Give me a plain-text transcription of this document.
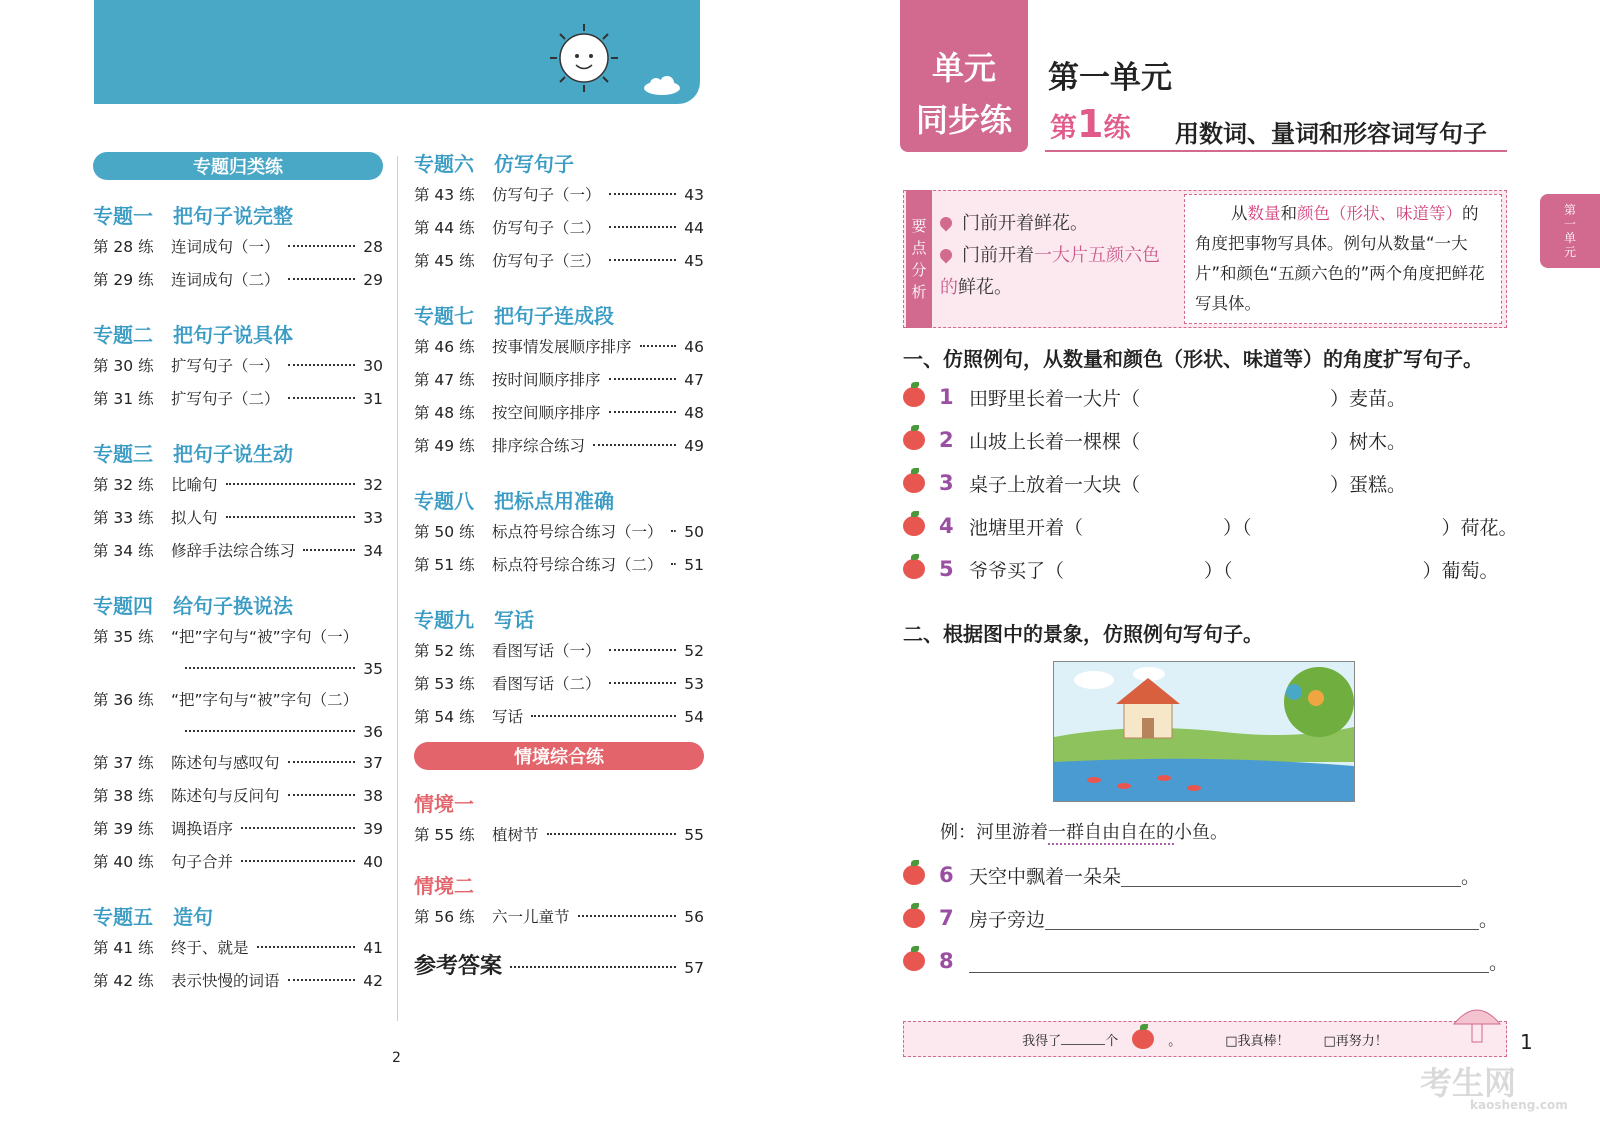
专题归类练
专题一　把句子说完整
第 28 练	连词成句（一）	28
第 29 练	连词成句（二）	29
专题二　把句子说具体
第 30 练	扩写句子（一）	30
第 31 练	扩写句子（二）	31
专题三　把句子说生动
第 32 练	比喻句	32
第 33 练	拟人句	33
第 34 练	修辞手法综合练习	34
专题四　给句子换说法
第 35 练	“把”字句与“被”字句（一）
35
第 36 练	“把”字句与“被”字句（二）
36
第 37 练	陈述句与感叹句	37
第 38 练	陈述句与反问句	38
第 39 练	调换语序	39
第 40 练	句子合并	40
专题五　造句
第 41 练	终于、就是	41
第 42 练	表示快慢的词语	42
专题六　仿写句子
第 43 练	仿写句子（一）	43
第 44 练	仿写句子（二）	44
第 45 练	仿写句子（三）	45
专题七　把句子连成段
第 46 练	按事情发展顺序排序	46
第 47 练	按时间顺序排序	47
第 48 练	按空间顺序排序	48
第 49 练	排序综合练习	49
专题八　把标点用准确
第 50 练	标点符号综合练习（一） 50
第 51 练	标点符号综合练习（二） 51
专题九　写话
第 52 练	看图写话（一）	52
第 53 练	看图写话（二）	53
第 54 练	写话	54
情境综合练
情境一
第 55 练	植树节	55
情境二
第 56 练	六一儿童节	56
参考答案	57
2
单元
同步练
第一单元
第1练 用数词、量词和形容词写句子
要
点
分
析
门前开着鲜花。
门前开着一大片五颜六色的鲜花。
从数量和颜色（形状、味道等）的角度把事物写具体。例句从数量“一大片”和颜色“五颜六色的”两个角度把鲜花写具体。
一、仿照例句，从数量和颜色（形状、味道等）的角度扩写句子。
1 田野里长着一大片（	）麦苗。
2 山坡上长着一棵棵（	）树木。
3 桌子上放着一大块（	）蛋糕。
4 池塘里开着（	）（	）荷花。
5 爷爷买了（	）（	）葡萄。
二、根据图中的景象，仿照例句写句子。
例：河里游着一群自由自在的小鱼。
6 天空中飘着一朵朵	。
7 房子旁边	。
8	。
我得了	个	。	□我真棒！	□再努力！	1
第
一
单
元
考生网
kaosheng.com
